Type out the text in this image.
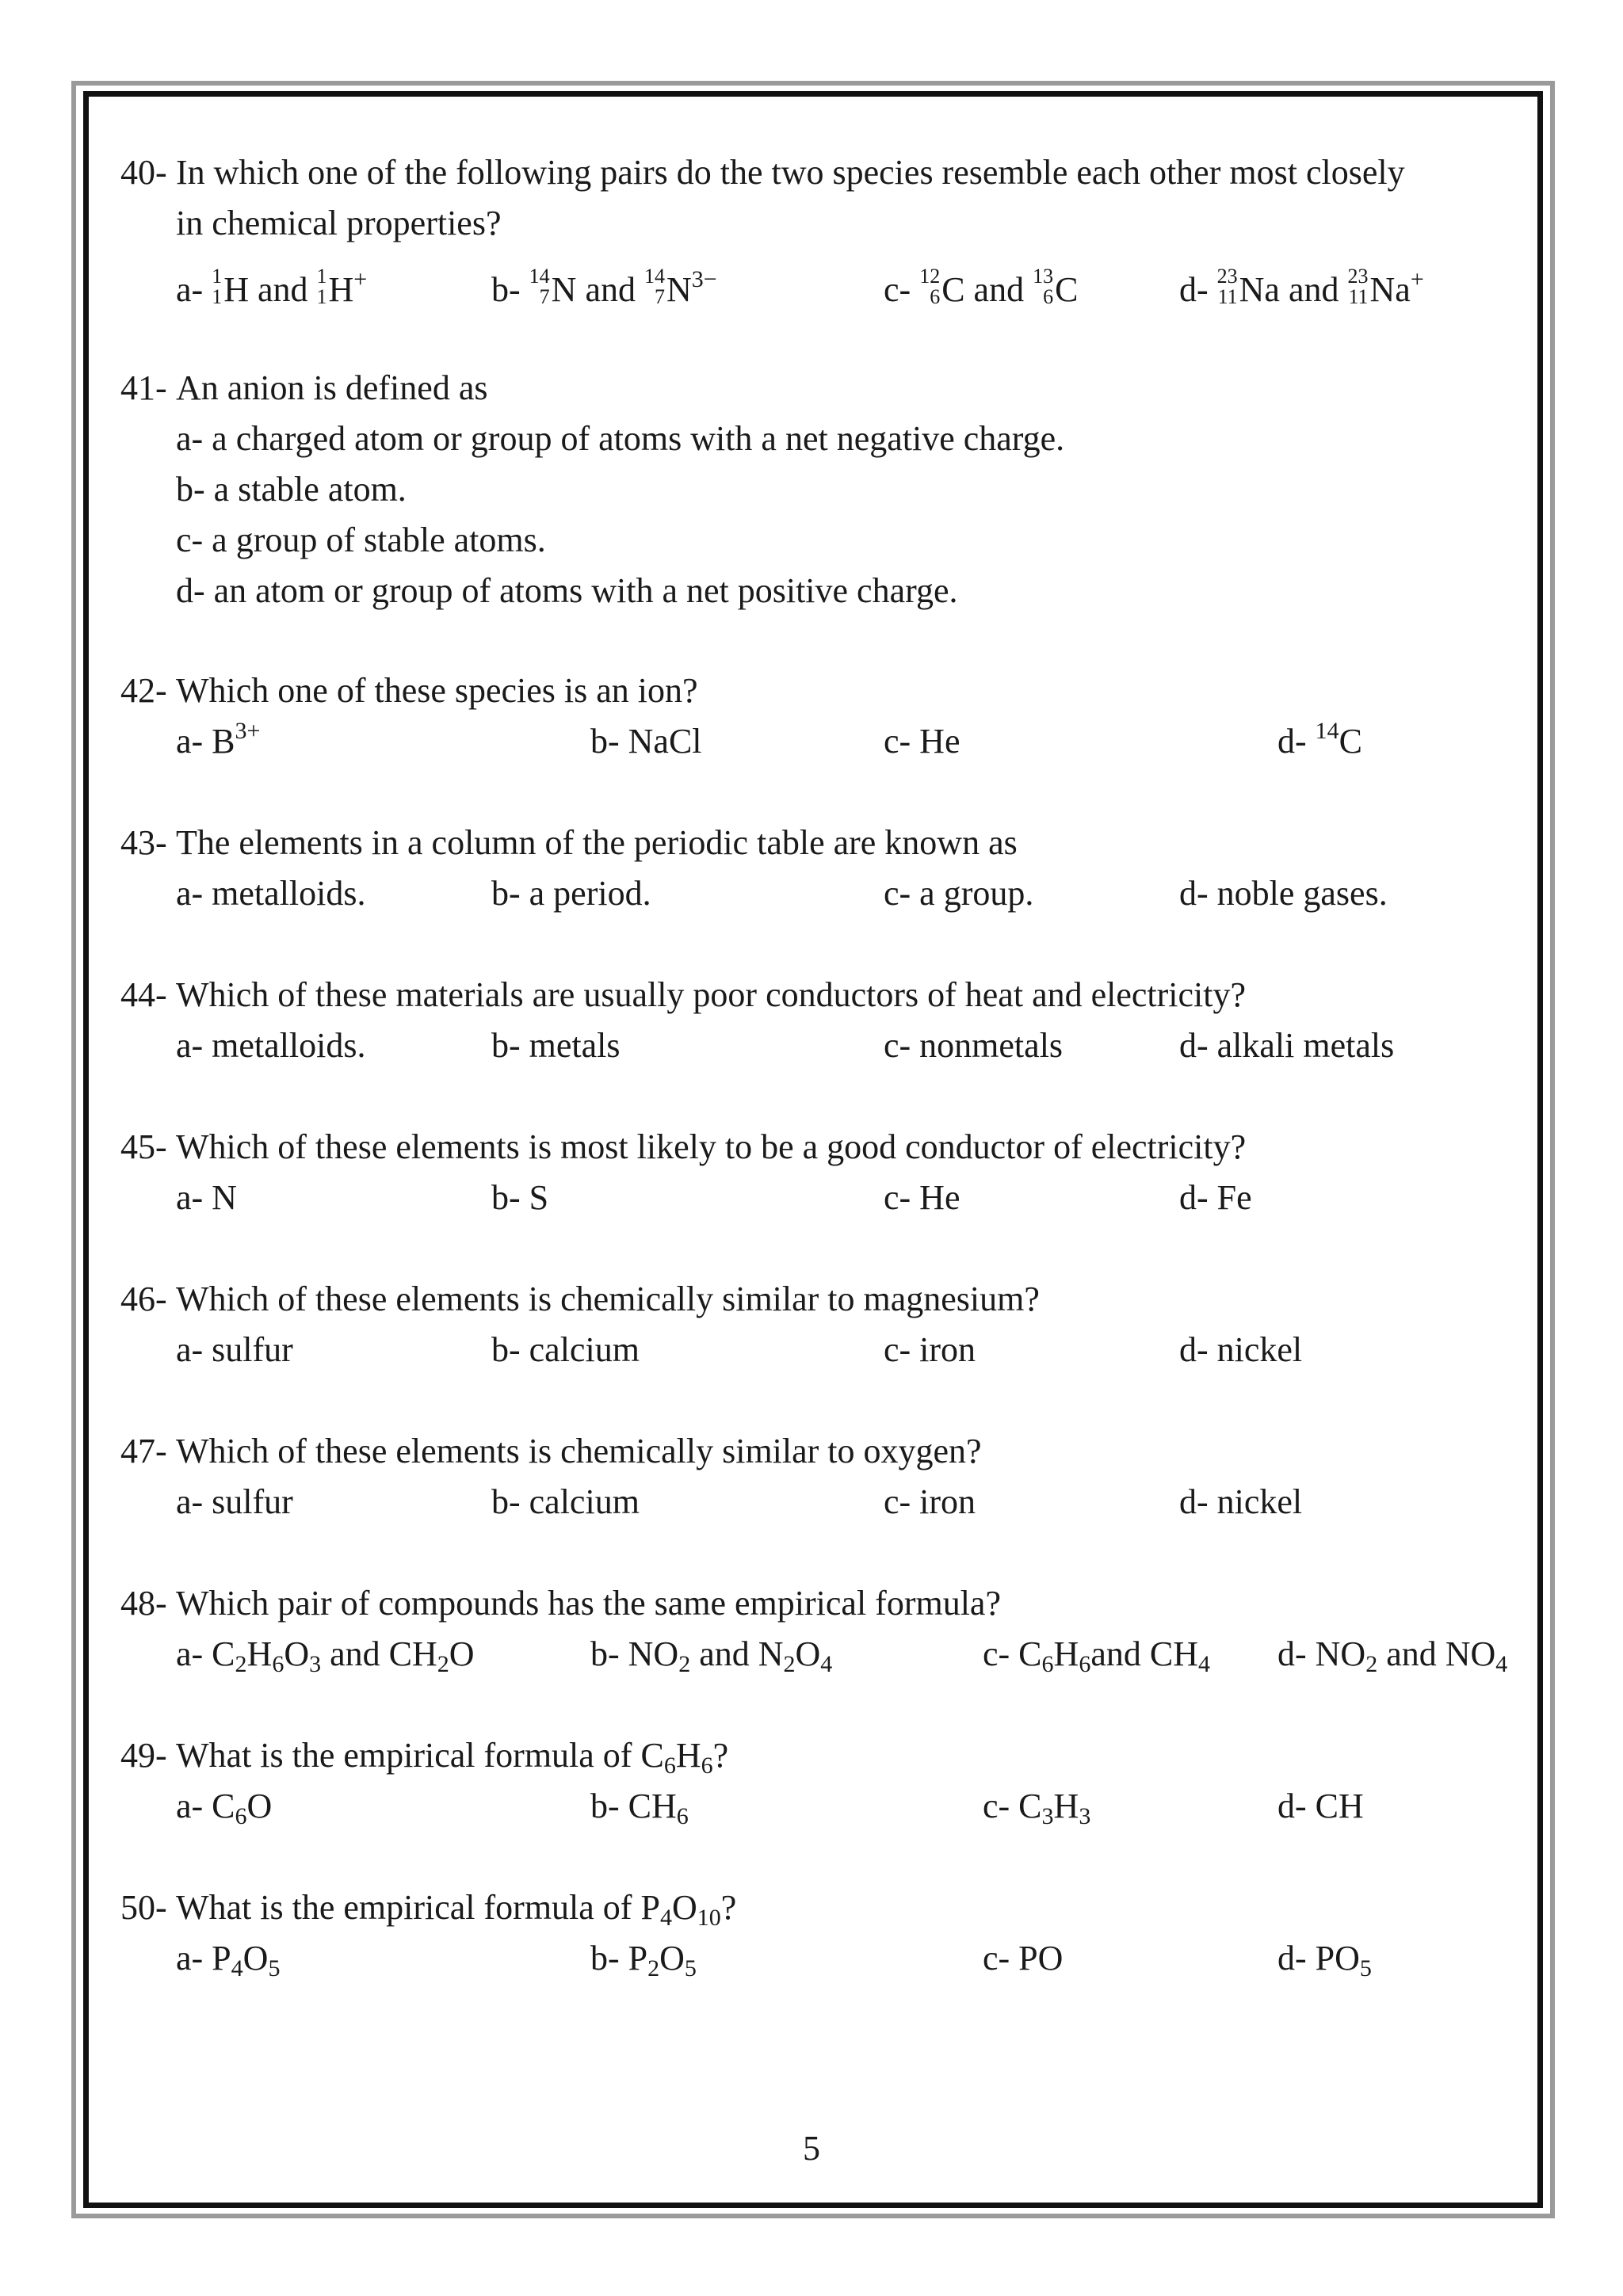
40- In which one of the following pairs do the two species resemble each other most closely
in chemical properties?
a- 1
1 H and 1
1 H+	b- 14
7 N and 14
7 $N^{3-}$	c- 12
6 C and 13
6 C	d- 23
11 Na and 23
11 Na+
41- An anion is defined as
a- a charged atom or group of atoms with a net negative charge.
b- a stable atom.
c- a group of stable atoms.
d- an atom or group of atoms with a net positive charge.
42- Which one of these species is an ion?
a- $B^{3+}$	b- NaCl	c- He	d- $^{14}$C
43- The elements in a column of the periodic table are known as
a- metalloids.	b- a period.	c- a group.	d- noble gases.
44- Which of these materials are usually poor conductors of heat and electricity?
a- metalloids.	b- metals	c- nonmetals	d- alkali metals
45- Which of these elements is most likely to be a good conductor of electricity?
a- N	b- S	c- He	d- Fe
46- Which of these elements is chemically similar to magnesium?
a- sulfur	b- calcium	c- iron	d- nickel
47- Which of these elements is chemically similar to oxygen?
a- sulfur	b- calcium	c- iron	d- nickel
48- Which pair of compounds has the same empirical formula?
a- $C_2H_6O_3$ and $CH_2O$	b- $NO_2$ and $N_2O_4$	c- $C_6H_6and$ $CH_4$ d- $NO_2$ and $NO_4$
49- What is the empirical formula of $C_6H_6$?
a- $C_6O$	b- $CH_6$	c- $C_3H_3$	d- CH
50- What is the empirical formula of $P_4O_{10}$?
a- $P_4O_5$	b- $P_2O_5$	c- PO	d- $PO_5$
5
